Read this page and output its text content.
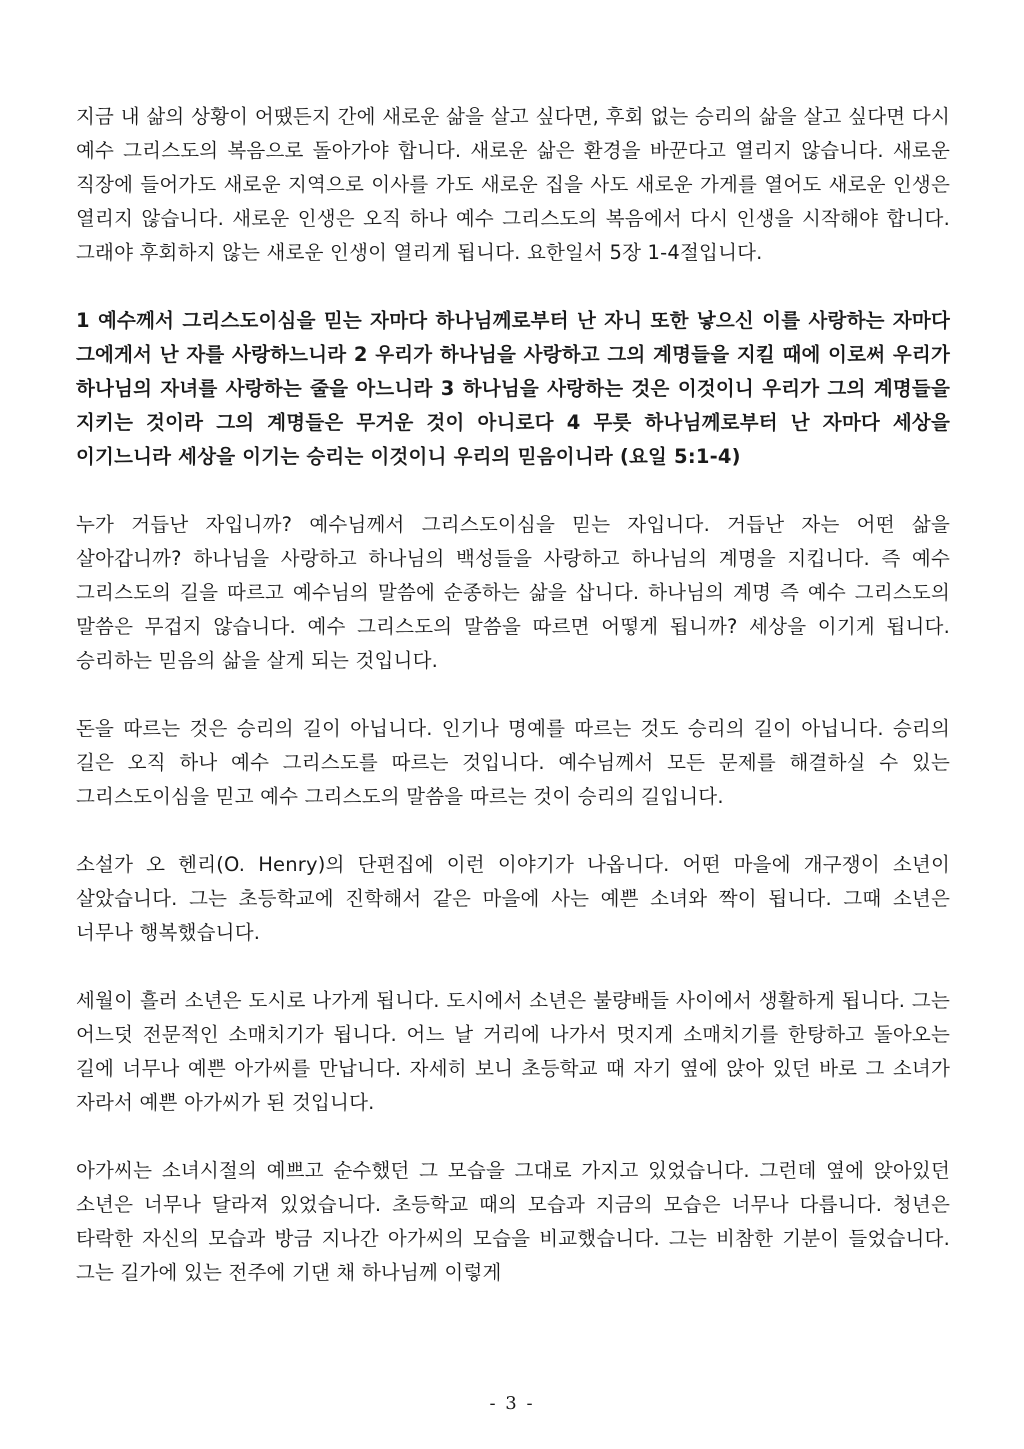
지금 내 삶의 상황이 어땠든지 간에 새로운 삶을 살고 싶다면, 후회 없는 승리의 삶을 살고 싶다면 다시 예수 그리스도의 복음으로 돌아가야 합니다. 새로운 삶은 환경을 바꾼다고 열리지 않습니다. 새로운 직장에 들어가도 새로운 지역으로 이사를 가도 새로운 집을 사도 새로운 가게를 열어도 새로운 인생은 열리지 않습니다. 새로운 인생은 오직 하나 예수 그리스도의 복음에서 다시 인생을 시작해야 합니다. 그래야 후회하지 않는 새로운 인생이 열리게 됩니다. 요한일서 5장 1-4절입니다.

1 예수께서 그리스도이심을 믿는 자마다 하나님께로부터 난 자니 또한 낳으신 이를 사랑하는 자마다 그에게서 난 자를 사랑하느니라 2 우리가 하나님을 사랑하고 그의 계명들을 지킬 때에 이로써 우리가 하나님의 자녀를 사랑하는 줄을 아느니라 3 하나님을 사랑하는 것은 이것이니 우리가 그의 계명들을 지키는 것이라 그의 계명들은 무거운 것이 아니로다 4 무릇 하나님께로부터 난 자마다 세상을 이기느니라 세상을 이기는 승리는 이것이니 우리의 믿음이니라 (요일 5:1-4)

누가 거듭난 자입니까? 예수님께서 그리스도이심을 믿는 자입니다. 거듭난 자는 어떤 삶을 살아갑니까? 하나님을 사랑하고 하나님의 백성들을 사랑하고 하나님의 계명을 지킵니다. 즉 예수 그리스도의 길을 따르고 예수님의 말씀에 순종하는 삶을 삽니다. 하나님의 계명 즉 예수 그리스도의 말씀은 무겁지 않습니다. 예수 그리스도의 말씀을 따르면 어떻게 됩니까? 세상을 이기게 됩니다. 승리하는 믿음의 삶을 살게 되는 것입니다.

돈을 따르는 것은 승리의 길이 아닙니다. 인기나 명예를 따르는 것도 승리의 길이 아닙니다. 승리의 길은 오직 하나 예수 그리스도를 따르는 것입니다. 예수님께서 모든 문제를 해결하실 수 있는 그리스도이심을 믿고 예수 그리스도의 말씀을 따르는 것이 승리의 길입니다.

소설가 오 헨리(O. Henry)의 단편집에 이런 이야기가 나옵니다. 어떤 마을에 개구쟁이 소년이 살았습니다. 그는 초등학교에 진학해서 같은 마을에 사는 예쁜 소녀와 짝이 됩니다. 그때 소년은 너무나 행복했습니다.

세월이 흘러 소년은 도시로 나가게 됩니다. 도시에서 소년은 불량배들 사이에서 생활하게 됩니다. 그는 어느덧 전문적인 소매치기가 됩니다. 어느 날 거리에 나가서 멋지게 소매치기를 한탕하고 돌아오는 길에 너무나 예쁜 아가씨를 만납니다. 자세히 보니 초등학교 때 자기 옆에 앉아 있던 바로 그 소녀가 자라서 예쁜 아가씨가 된 것입니다.

아가씨는 소녀시절의 예쁘고 순수했던 그 모습을 그대로 가지고 있었습니다. 그런데 옆에 앉아있던 소년은 너무나 달라져 있었습니다. 초등학교 때의 모습과 지금의 모습은 너무나 다릅니다. 청년은 타락한 자신의 모습과 방금 지나간 아가씨의 모습을 비교했습니다. 그는 비참한 기분이 들었습니다. 그는 길가에 있는 전주에 기댄 채 하나님께 이렇게

- 3 -
